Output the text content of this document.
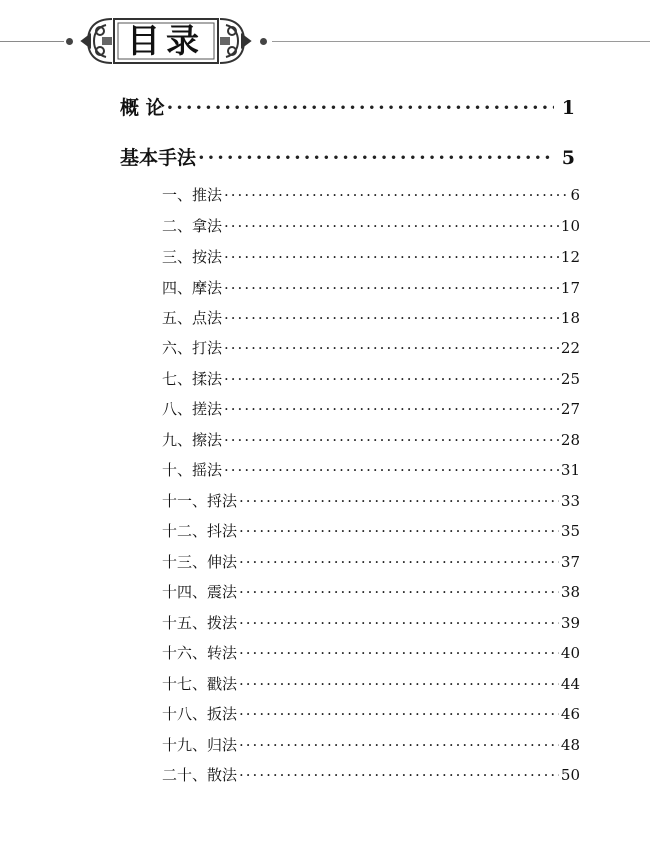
目录
概 论 ·····	1
基本手法 ·····	5
一、推法 ·····	6
二、拿法 ·····	10
三、按法 ·····	12
四、摩法 ·····	17
五、点法 ·····	18
六、打法 ·····	22
七、揉法 ·····	25
八、搓法 ·····	27
九、擦法 ·····	28
十、摇法 ·····	31
十一、捋法 ·····	33
十二、抖法 ·····	35
十三、伸法 ·····	37
十四、震法 ·····	38
十五、拨法 ·····	39
十六、转法 ·····	40
十七、戳法 ·····	44
十八、扳法 ·····	46
十九、归法 ·····	48
二十、散法 ·····	50
